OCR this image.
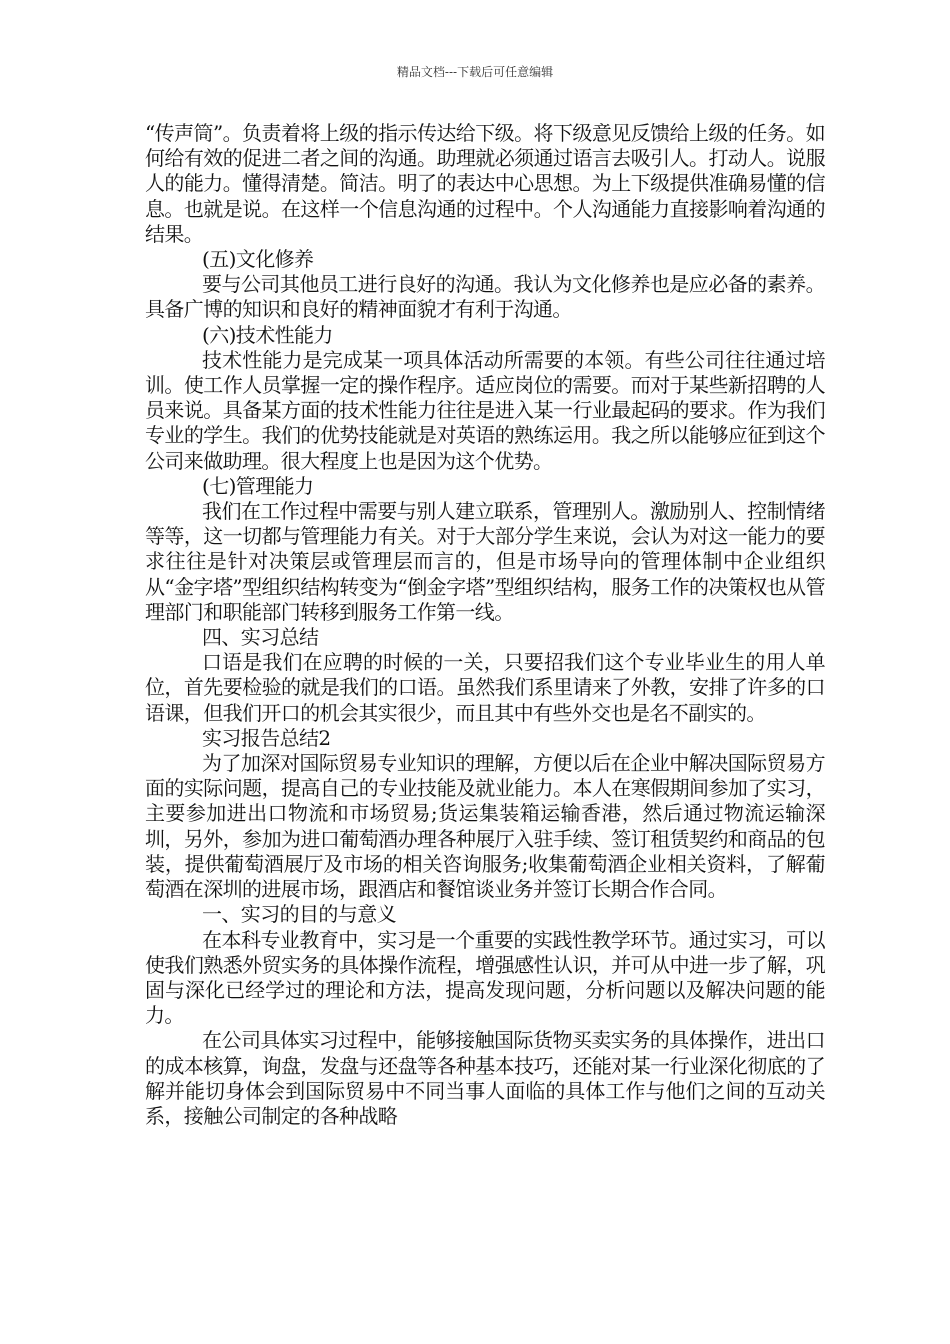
精品文档---下载后可任意编辑

“传声筒”。负责着将上级的指示传达给下级。将下级意见反馈给上级的任务。如何给有效的促进二者之间的沟通。助理就必须通过语言去吸引人。打动人。说服人的能力。懂得清楚。简洁。明了的表达中心思想。为上下级提供准确易懂的信息。也就是说。在这样一个信息沟通的过程中。个人沟通能力直接影响着沟通的结果。

(五)文化修养

要与公司其他员工进行良好的沟通。我认为文化修养也是应必备的素养。具备广博的知识和良好的精神面貌才有利于沟通。

(六)技术性能力

技术性能力是完成某一项具体活动所需要的本领。有些公司往往通过培训。使工作人员掌握一定的操作程序。适应岗位的需要。而对于某些新招聘的人员来说。具备某方面的技术性能力往往是进入某一行业最起码的要求。作为我们专业的学生。我们的优势技能就是对英语的熟练运用。我之所以能够应征到这个公司来做助理。很大程度上也是因为这个优势。

(七)管理能力

我们在工作过程中需要与别人建立联系，管理别人。激励别人、控制情绪等等，这一切都与管理能力有关。对于大部分学生来说，会认为对这一能力的要求往往是针对决策层或管理层而言的，但是市场导向的管理体制中企业组织从“金字塔”型组织结构转变为“倒金字塔”型组织结构，服务工作的决策权也从管理部门和职能部门转移到服务工作第一线。

四、实习总结

口语是我们在应聘的时候的一关，只要招我们这个专业毕业生的用人单位，首先要检验的就是我们的口语。虽然我们系里请来了外教，安排了许多的口语课，但我们开口的机会其实很少，而且其中有些外交也是名不副实的。

实习报告总结2

为了加深对国际贸易专业知识的理解，方便以后在企业中解决国际贸易方面的实际问题，提高自己的专业技能及就业能力。本人在寒假期间参加了实习，主要参加进出口物流和市场贸易;货运集装箱运输香港，然后通过物流运输深圳，另外，参加为进口葡萄酒办理各种展厅入驻手续、签订租赁契约和商品的包装，提供葡萄酒展厅及市场的相关咨询服务;收集葡萄酒企业相关资料，了解葡萄酒在深圳的进展市场，跟酒店和餐馆谈业务并签订长期合作合同。

一、实习的目的与意义

在本科专业教育中，实习是一个重要的实践性教学环节。通过实习，可以使我们熟悉外贸实务的具体操作流程，增强感性认识，并可从中进一步了解，巩固与深化已经学过的理论和方法，提高发现问题，分析问题以及解决问题的能力。

在公司具体实习过程中，能够接触国际货物买卖实务的具体操作，进出口的成本核算，询盘，发盘与还盘等各种基本技巧，还能对某一行业深化彻底的了解并能切身体会到国际贸易中不同当事人面临的具体工作与他们之间的互动关系，接触公司制定的各种战略
